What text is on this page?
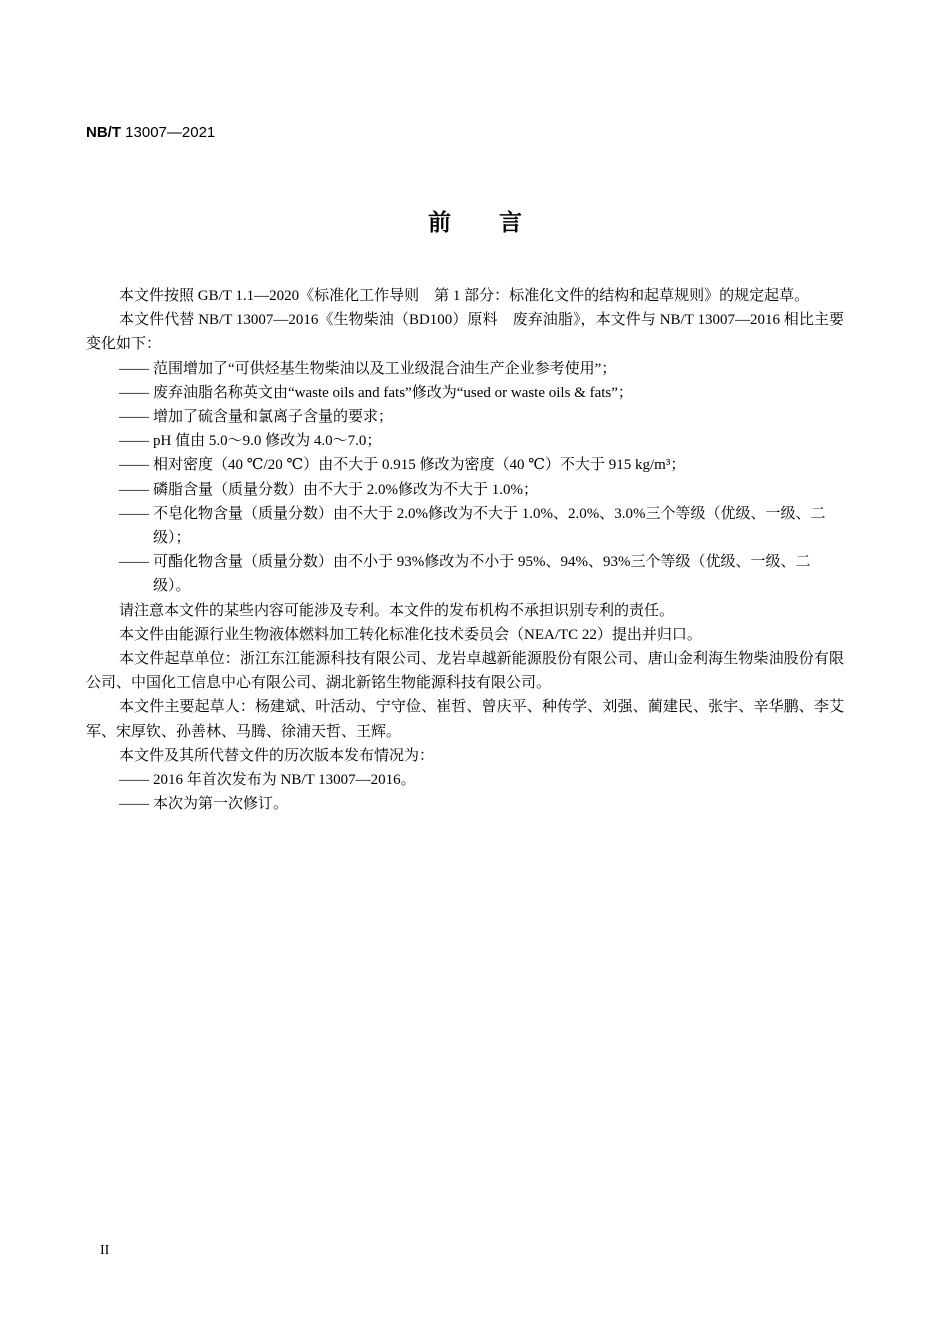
NB/T 13007—2021
前 言

本文件按照 GB/T 1.1—2020《标准化工作导则　第 1 部分：标准化文件的结构和起草规则》的规定起草。

本文件代替 NB/T 13007—2016《生物柴油（BD100）原料　废弃油脂》，本文件与 NB/T 13007—2016 相比主要变化如下：

—— 范围增加了“可供烃基生物柴油以及工业级混合油生产企业参考使用”；
—— 废弃油脂名称英文由“waste oils and fats”修改为“used or waste oils & fats”；
—— 增加了硫含量和氯离子含量的要求；
—— pH 值由 5.0～9.0 修改为 4.0～7.0；
—— 相对密度（40 ℃/20 ℃）由不大于 0.915 修改为密度（40 ℃）不大于 915 kg/m³；
—— 磷脂含量（质量分数）由不大于 2.0%修改为不大于 1.0%；
—— 不皂化物含量（质量分数）由不大于 2.0%修改为不大于 1.0%、2.0%、3.0%三个等级（优级、一级、二级）；
—— 可酯化物含量（质量分数）由不小于 93%修改为不小于 95%、94%、93%三个等级（优级、一级、二级）。

请注意本文件的某些内容可能涉及专利。本文件的发布机构不承担识别专利的责任。

本文件由能源行业生物液体燃料加工转化标准化技术委员会（NEA/TC 22）提出并归口。

本文件起草单位：浙江东江能源科技有限公司、龙岩卓越新能源股份有限公司、唐山金利海生物柴油股份有限公司、中国化工信息中心有限公司、湖北新铭生物能源科技有限公司。

本文件主要起草人：杨建斌、叶活动、宁守俭、崔哲、曾庆平、种传学、刘强、蔺建民、张宇、辛华鹏、李艾军、宋厚钦、孙善林、马腾、徐浦天哲、王辉。

本文件及其所代替文件的历次版本发布情况为：

—— 2016 年首次发布为 NB/T 13007—2016。
—— 本次为第一次修订。
II
